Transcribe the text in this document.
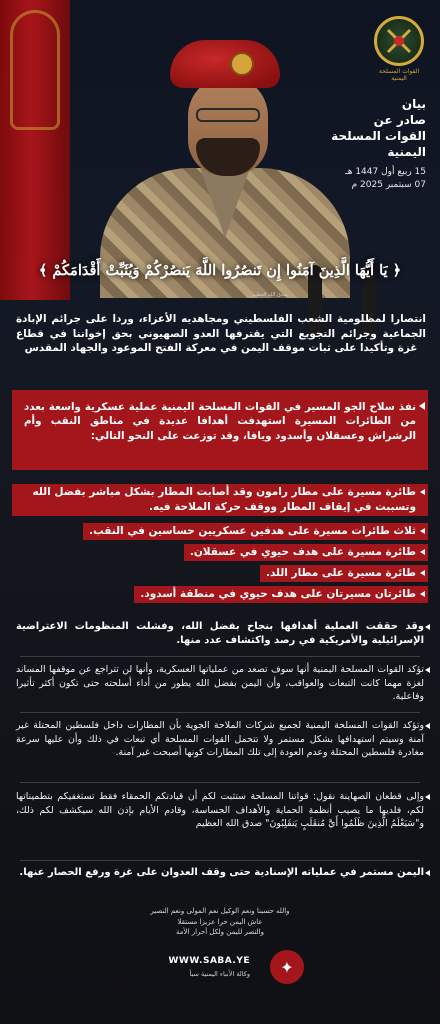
القوات المسلحة اليمنية
بيان
صادر عن
القوات المسلحة
اليمنية
15 ربيع أول 1447 هـ
07 سبتمبر 2025 م
﴿ يَا أَيُّهَا الَّذِينَ آمَنُوا إِن تَنصُرُوا اللَّهَ يَنصُرْكُمْ وَيُثَبِّتْ أَقْدَامَكُمْ ﴾
صدق الله العظيم
انتصارا لمظلومية الشعب الفلسطيني ومجاهديه الأعزاء، وردا على جرائم الإبادة الجماعية وجرائم التجويع التي يقترفها العدو الصهيوني بحق إخواننا في قطاع غزة وتأكيدا على ثبات موقف اليمن في معركة الفتح الموعود والجهاد المقدس
نفذ سلاح الجو المسير في القوات المسلحة اليمنية عملية عسكرية واسعة بعدد من الطائرات المسيرة استهدفت أهدافا عديدة في مناطق النقب وأم الرشراش وعسقلان وأسدود ويافا، وقد توزعت على النحو التالي:
طائرة مسيرة على مطار رامون وقد أصابت المطار بشكل مباشر بفضل الله وتسببت في إيقاف المطار ووقف حركة الملاحة فيه.
ثلاث طائرات مسيرة على هدفين عسكريين حساسين في النقب.
طائرة مسيرة على هدف حيوي في عسقلان.
طائرة مسيرة على مطار اللد.
طائرتان مسيرتان على هدف حيوي في منطقة أسدود.
وقد حققت العملية أهدافها بنجاح بفضل الله، وفشلت المنظومات الاعتراضية الإسرائيلية والأمريكية في رصد واكتشاف عدد منها.
تؤكد القوات المسلحة اليمنية أنها سوف تصعد من عملياتها العسكرية، وأنها لن تتراجع عن موقفها المساند لغزة مهما كانت التبعات والعواقب، وأن اليمن بفضل الله يطور من أداء أسلحته حتى تكون أكثر تأثيرا وفاعلية.
وتؤكد القوات المسلحة اليمنية لجميع شركات الملاحة الجوية بأن المطارات داخل فلسطين المحتلة غير آمنة وسيتم استهدافها بشكل مستمر ولا تتحمل القوات المسلحة أي تبعات في ذلك وأن عليها سرعة مغادرة فلسطين المحتلة وعدم العودة إلى تلك المطارات كونها أصبحت غير آمنة.
وإلى قطعان الصهاينة نقول: قواتنا المسلحة ستثبت لكم أن قيادتكم الحمقاء فقط تستغفيكم بتطميناتها لكم، فلديها ما يصيب أنظمة الحماية والأهداف الحساسة، وقادم الأيام بإذن الله سيكشف لكم ذلك، و"سَيَعْلَمُ الَّذِينَ ظَلَمُوا أَيَّ مُنقَلَبٍ يَنقَلِبُونَ" صدق الله العظيم
اليمن مستمر في عملياته الإسنادية حتى وقف العدوان على غزة ورفع الحصار عنها.
والله حسبنا ونعم الوكيل نعم المولى ونعم النصير
عاش اليمن حرا عزيزا مستقلا
والنصر لليمن ولكل أحرار الأمة
✦
WWW.SABA.YE
وكالة الأنباء اليمنية سبأ
